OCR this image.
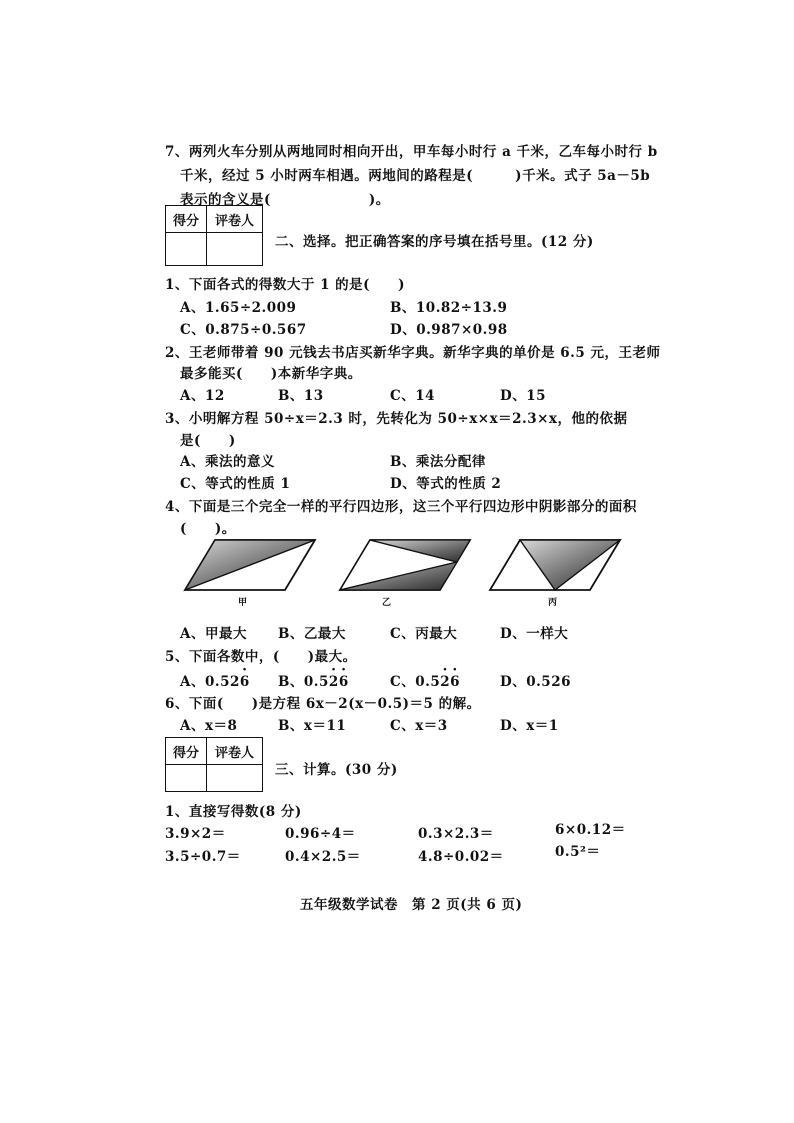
7、两列火车分别从两地同时相向开出，甲车每小时行 a 千米，乙车每小时行 b
千米，经过 5 小时两车相遇。两地间的路程是(　　　)千米。式子 5a－5b
表示的含义是(　　　　　　　)。
得分	评卷人

二、选择。把正确答案的序号填在括号里。(12 分)
1、下面各式的得数大于 1 的是(　　)
A、1.65÷2.009	B、10.82÷13.9
C、0.875÷0.567	D、0.987×0.98
2、王老师带着 90 元钱去书店买新华字典。新华字典的单价是 6.5 元，王老师
最多能买(　　)本新华字典。
A、12	B、13	C、14	D、15
3、小明解方程 50÷x＝2.3 时，先转化为 50÷x×x＝2.3×x，他的依据
是(　　)
A、乘法的意义	B、乘法分配律
C、等式的性质 1	D、等式的性质 2
4、下面是三个完全一样的平行四边形，这三个平行四边形中阴影部分的面积
(　　)。
甲	乙	丙
A、甲最大 B、乙最大	C、丙最大	D、一样大
5、下面各数中，(　　)最大。
A、0.52· 6 B、0.5· 2· 6	C、0.5· 2· 6	D、0.526
6、下面(　　)是方程 6x－2(x－0.5)＝5 的解。
A、x＝8	B、x＝11	C、x＝3	D、x＝1
得分	评卷人

三、计算。(30 分)
1、直接写得数(8 分)
3.9×2＝	0.96÷4＝	0.3×2.3＝	6×0.12＝
3.5÷0.7＝	0.4×2.5＝	4.8÷0.02＝	0.5²＝
五年级数学试卷　第 2 页(共 6 页)
